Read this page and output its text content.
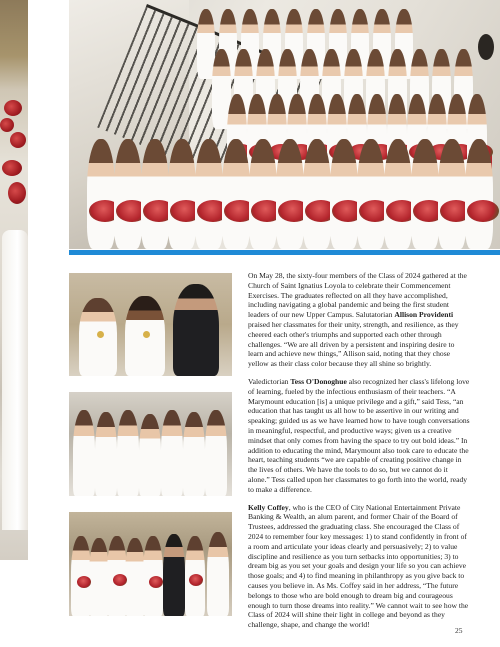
On May 28, the sixty-four members of the Class of 2024 gathered at the Church of Saint Ignatius Loyola to celebrate their Commencement Exercises. The graduates reflected on all they have accomplished, including navigating a global pandemic and being the first student leaders of our new Upper Campus. Salutatorian Allison Providenti praised her classmates for their unity, strength, and resilience, as they cheered each other's triumphs and supported each other through challenges. “We are all driven by a persistent and inspiring desire to learn and achieve new things,” Allison said, noting that they chose yellow as their class color because they all shine so brightly.

Valedictorian Tess O'Donoghue also recognized her class's lifelong love of learning, fueled by the infectious enthusiasm of their teachers. “A Marymount education [is] a unique privilege and a gift,” said Tess, “an education that has taught us all how to be assertive in our writing and speaking; guided us as we have learned how to have tough conversations in meaningful, respectful, and productive ways; given us a creative mindset that only comes from having the space to try out bold ideas.” In addition to educating the mind, Marymount also took care to educate the heart, teaching students “we are capable of creating positive change in the lives of others. We have the tools to do so, but we cannot do it alone.” Tess called upon her classmates to go forth into the world, ready to make a difference.

Kelly Coffey, who is the CEO of City National Entertainment Private Banking & Wealth, an alum parent, and former Chair of the Board of Trustees, addressed the graduating class. She encouraged the Class of 2024 to remember four key messages: 1) to stand confidently in front of a room and articulate your ideas clearly and persuasively; 2) to value discipline and resilience as you turn setbacks into opportunities; 3) to dream big as you set your goals and design your life so you can achieve those goals; and 4) to find meaning in philanthropy as you give back to causes you believe in. As Ms. Coffey said in her address, “The future belongs to those who are bold enough to dream big and courageous enough to turn those dreams into reality.” We cannot wait to see how the Class of 2024 will shine their light in college and beyond as they challenge, shape, and change the world!

25
